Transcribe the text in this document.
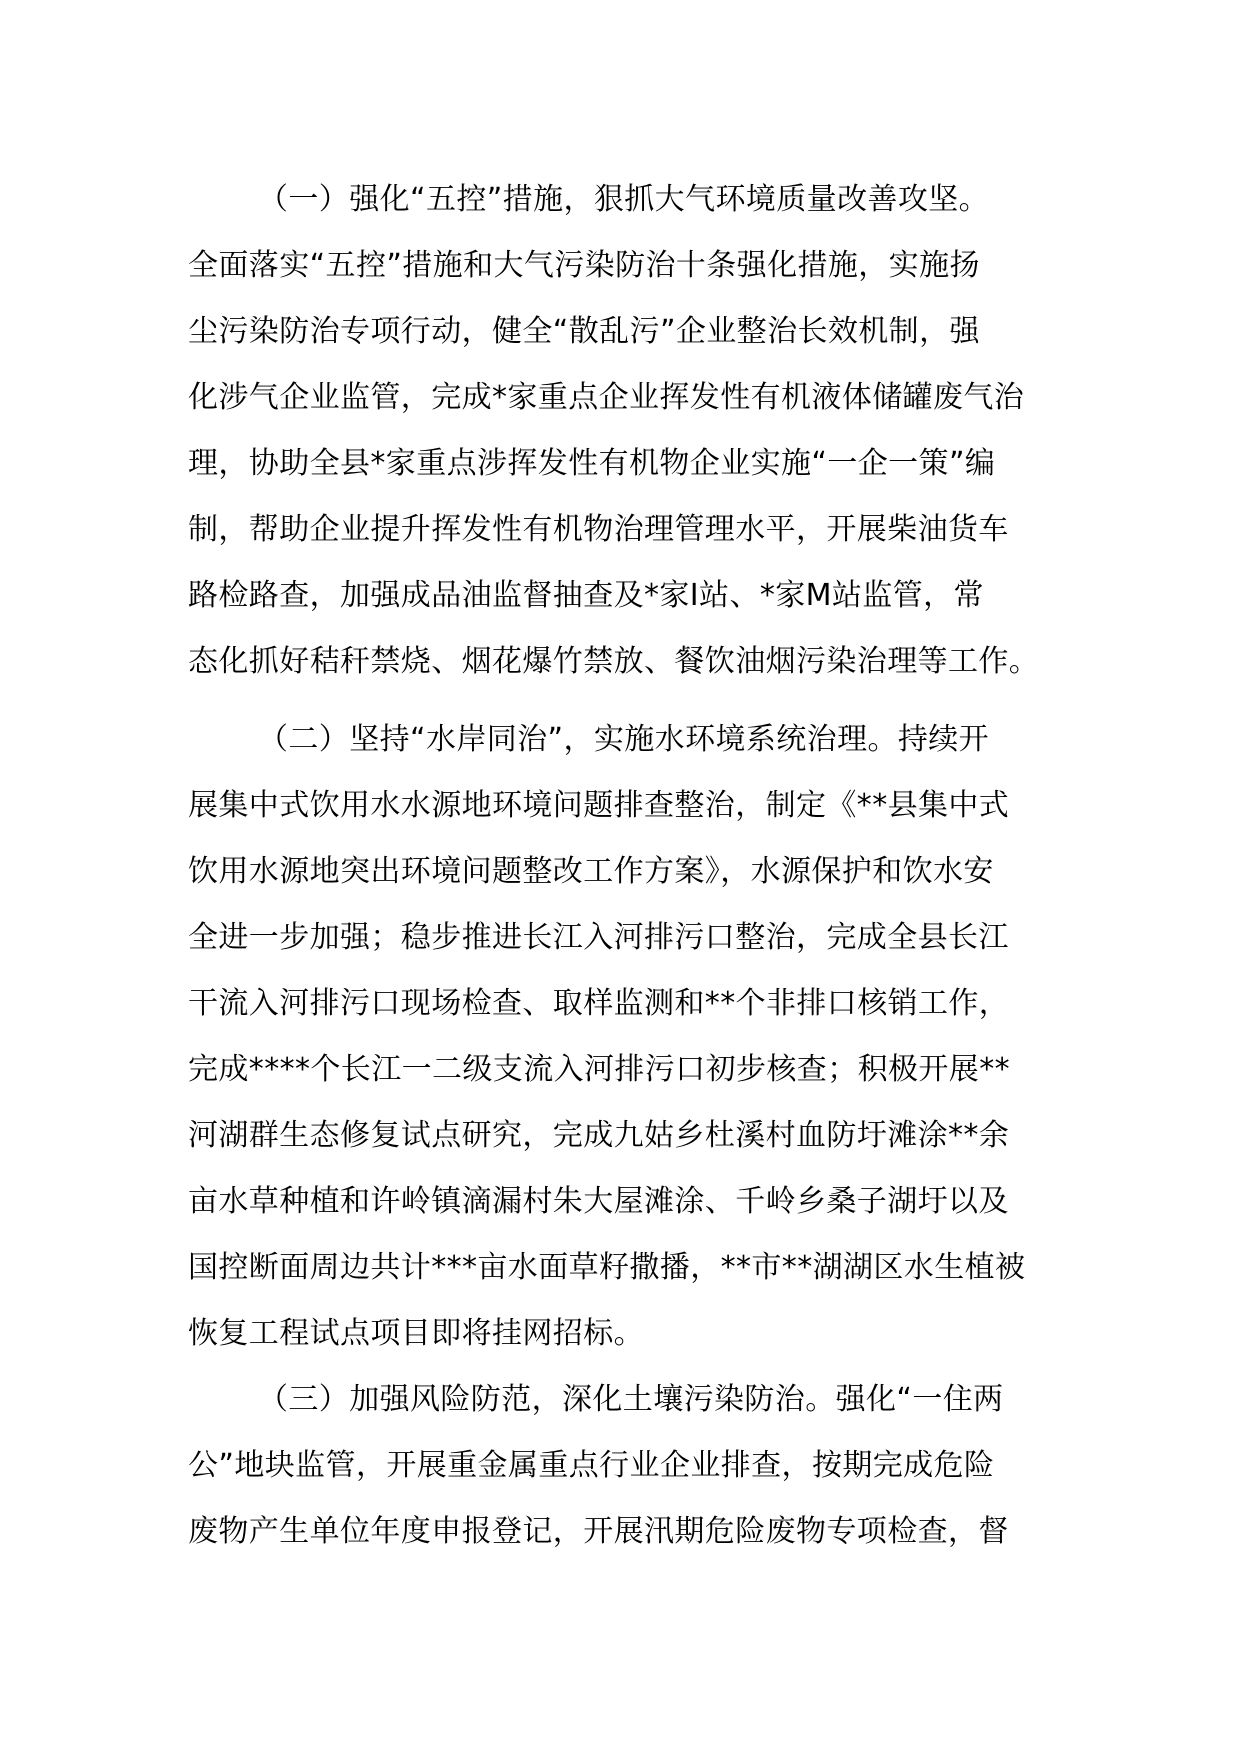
（一）强化“五控”措施，狠抓大气环境质量改善攻坚。
全面落实“五控”措施和大气污染防治十条强化措施，实施扬
尘污染防治专项行动，健全“散乱污”企业整治长效机制，强
化涉气企业监管，完成*家重点企业挥发性有机液体储罐废气治
理，协助全县*家重点涉挥发性有机物企业实施“一企一策”编
制，帮助企业提升挥发性有机物治理管理水平，开展柴油货车
路检路查，加强成品油监督抽查及*家I站、*家M站监管，常
态化抓好秸秆禁烧、烟花爆竹禁放、餐饮油烟污染治理等工作。
（二）坚持“水岸同治”，实施水环境系统治理。持续开
展集中式饮用水水源地环境问题排查整治，制定《**县集中式
饮用水源地突出环境问题整改工作方案》，水源保护和饮水安
全进一步加强；稳步推进长江入河排污口整治，完成全县长江
干流入河排污口现场检查、取样监测和**个非排口核销工作，
完成****个长江一二级支流入河排污口初步核查；积极开展**
河湖群生态修复试点研究，完成九姑乡杜溪村血防圩滩涂**余
亩水草种植和许岭镇滴漏村朱大屋滩涂、千岭乡桑子湖圩以及
国控断面周边共计***亩水面草籽撒播，**市**湖湖区水生植被
恢复工程试点项目即将挂网招标。
（三）加强风险防范，深化土壤污染防治。强化“一住两
公”地块监管，开展重金属重点行业企业排查，按期完成危险
废物产生单位年度申报登记，开展汛期危险废物专项检查，督
